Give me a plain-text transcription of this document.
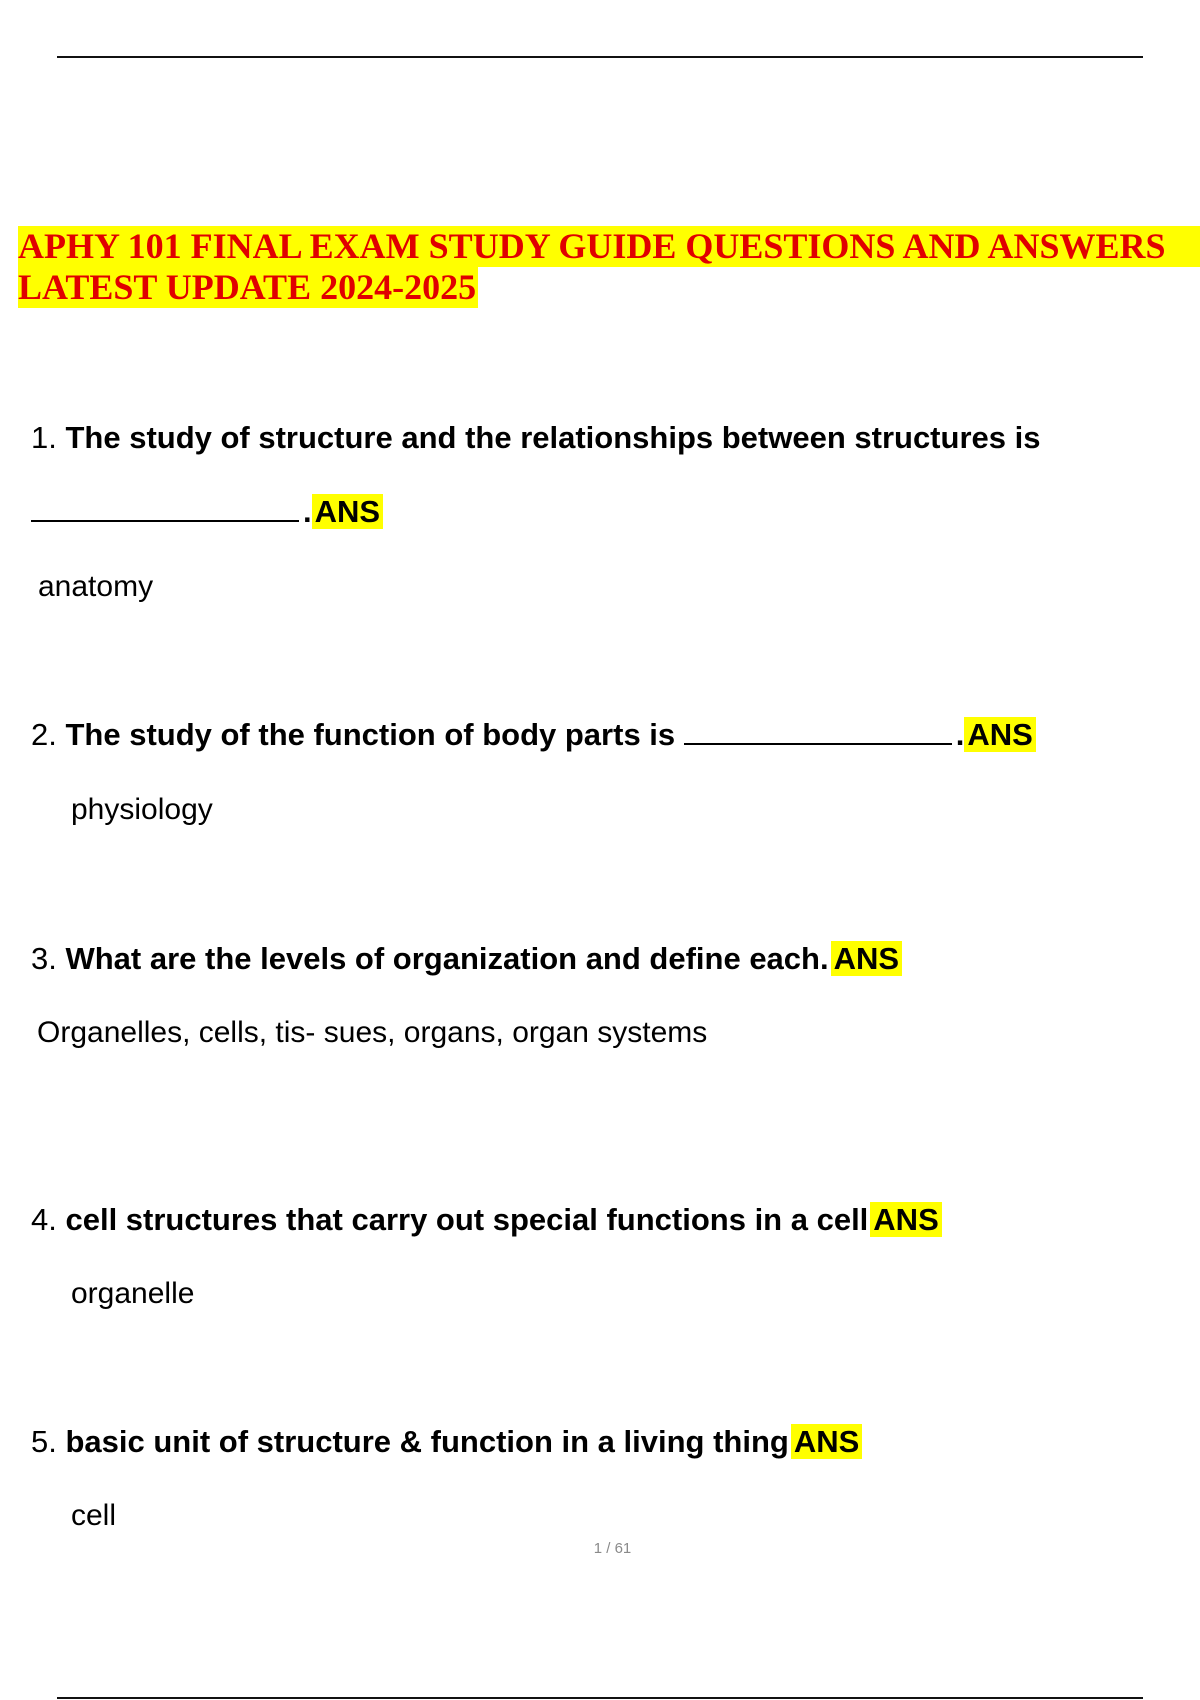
APHY 101 FINAL EXAM STUDY GUIDE QUESTIONS AND ANSWERS
LATEST UPDATE 2024-2025
1. The study of structure and the relationships between structures is
.ANS
anatomy
2. The study of the function of body parts is	.ANS
physiology
3. What are the levels of organization and define each. ANS
Organelles, cells, tis- sues, organs, organ systems
4. cell structures that carry out special functions in a cell ANS
organelle
5. basic unit of structure & function in a living thing ANS
cell
1 / 61
